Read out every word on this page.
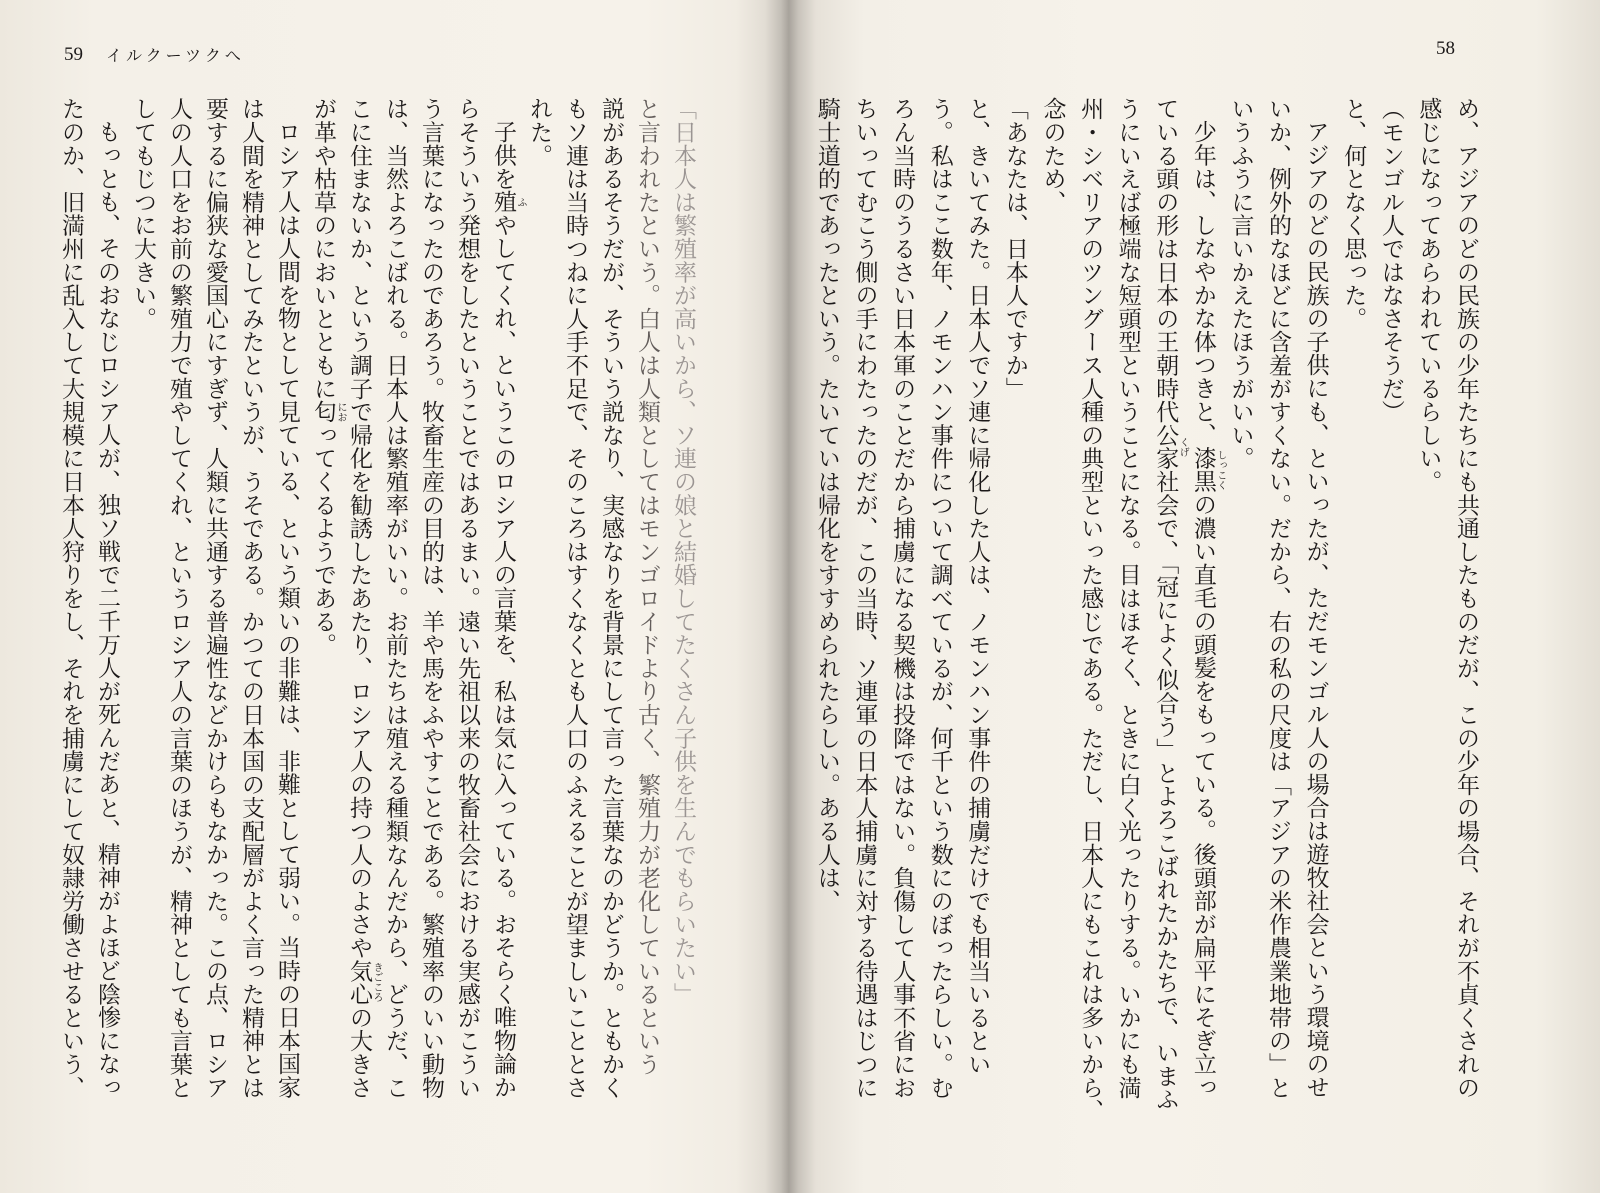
59 イルクーツクへ

「日本人は繁殖率が高いから、ソ連の娘と結婚してたくさん子供を生んでもらいたい」

と言われたという。白人は人類としてはモンゴロイドより古く、繁殖力が老化しているという

説があるそうだが、そういう説なり、実感なりを背景にして言った言葉なのかどうか。ともかく

もソ連は当時つねに人手不足で、そのころはすくなくとも人口のふえることが望ましいこととさ

れた。

子供を殖やしてくれ、というこのロシア人の言葉を、私は気に入っている。おそらく唯物論か

らそういう発想をしたということではあるまい。遠い先祖以来の牧畜社会における実感がこうい

う言葉になったのであろう。牧畜生産の目的は、羊や馬をふやすことである。繁殖率のいい動物

は、当然よろこばれる。日本人は繁殖率がいい。お前たちは殖える種類なんだから、どうだ、こ

こに住まないか、という調子で帰化を勧誘したあたり、ロシア人の持つ人のよさや気心の大きさ

が革や枯草のにおいとともに匂ってくるようである。

ロシア人は人間を物として見ている、という類いの非難は、非難として弱い。当時の日本国家

は人間を精神としてみたというが、うそである。かつての日本国の支配層がよく言った精神とは

要するに偏狭な愛国心にすぎず、人類に共通する普遍性などかけらもなかった。この点、ロシア

人の人口をお前の繁殖力で殖やしてくれ、というロシア人の言葉のほうが、精神としても言葉と

してもじつに大きい。

もっとも、そのおなじロシア人が、独ソ戦で二千万人が死んだあと、精神がよほど陰惨になっ

たのか、旧満州に乱入して大規模に日本人狩りをし、それを捕虜にして奴隷労働させるという、	ふ
きごころ
にお
58

め、アジアのどの民族の少年たちにも共通したものだが、この少年の場合、それが不貞くされの

感じになってあらわれているらしい。

（モンゴル人ではなさそうだ）

と、何となく思った。

アジアのどの民族の子供にも、といったが、ただモンゴル人の場合は遊牧社会という環境のせ

いか、例外的なほどに含羞がすくない。だから、右の私の尺度は「アジアの米作農業地帯の」と

いうふうに言いかえたほうがいい。

少年は、しなやかな体つきと、漆黒の濃い直毛の頭髪をもっている。後頭部が扁平にそぎ立っ

ている頭の形は日本の王朝時代公家社会で、「冠によく似合う」とよろこばれたかたちで、いまふ

うにいえば極端な短頭型ということになる。目はほそく、ときに白く光ったりする。いかにも満

州・シベリアのツングース人種の典型といった感じである。ただし、日本人にもこれは多いから、

念のため、

「あなたは、日本人ですか」

と、きいてみた。日本人でソ連に帰化した人は、ノモンハン事件の捕虜だけでも相当いるとい

う。私はここ数年、ノモンハン事件について調べているが、何千という数にのぼったらしい。む

ろん当時のうるさい日本軍のことだから捕虜になる契機は投降ではない。負傷して人事不省にお

ちいってむこう側の手にわたったのだが、この当時、ソ連軍の日本人捕虜に対する待遇はじつに

騎士道的であったという。たいていは帰化をすすめられたらしい。ある人は、	しっこく
くげ
